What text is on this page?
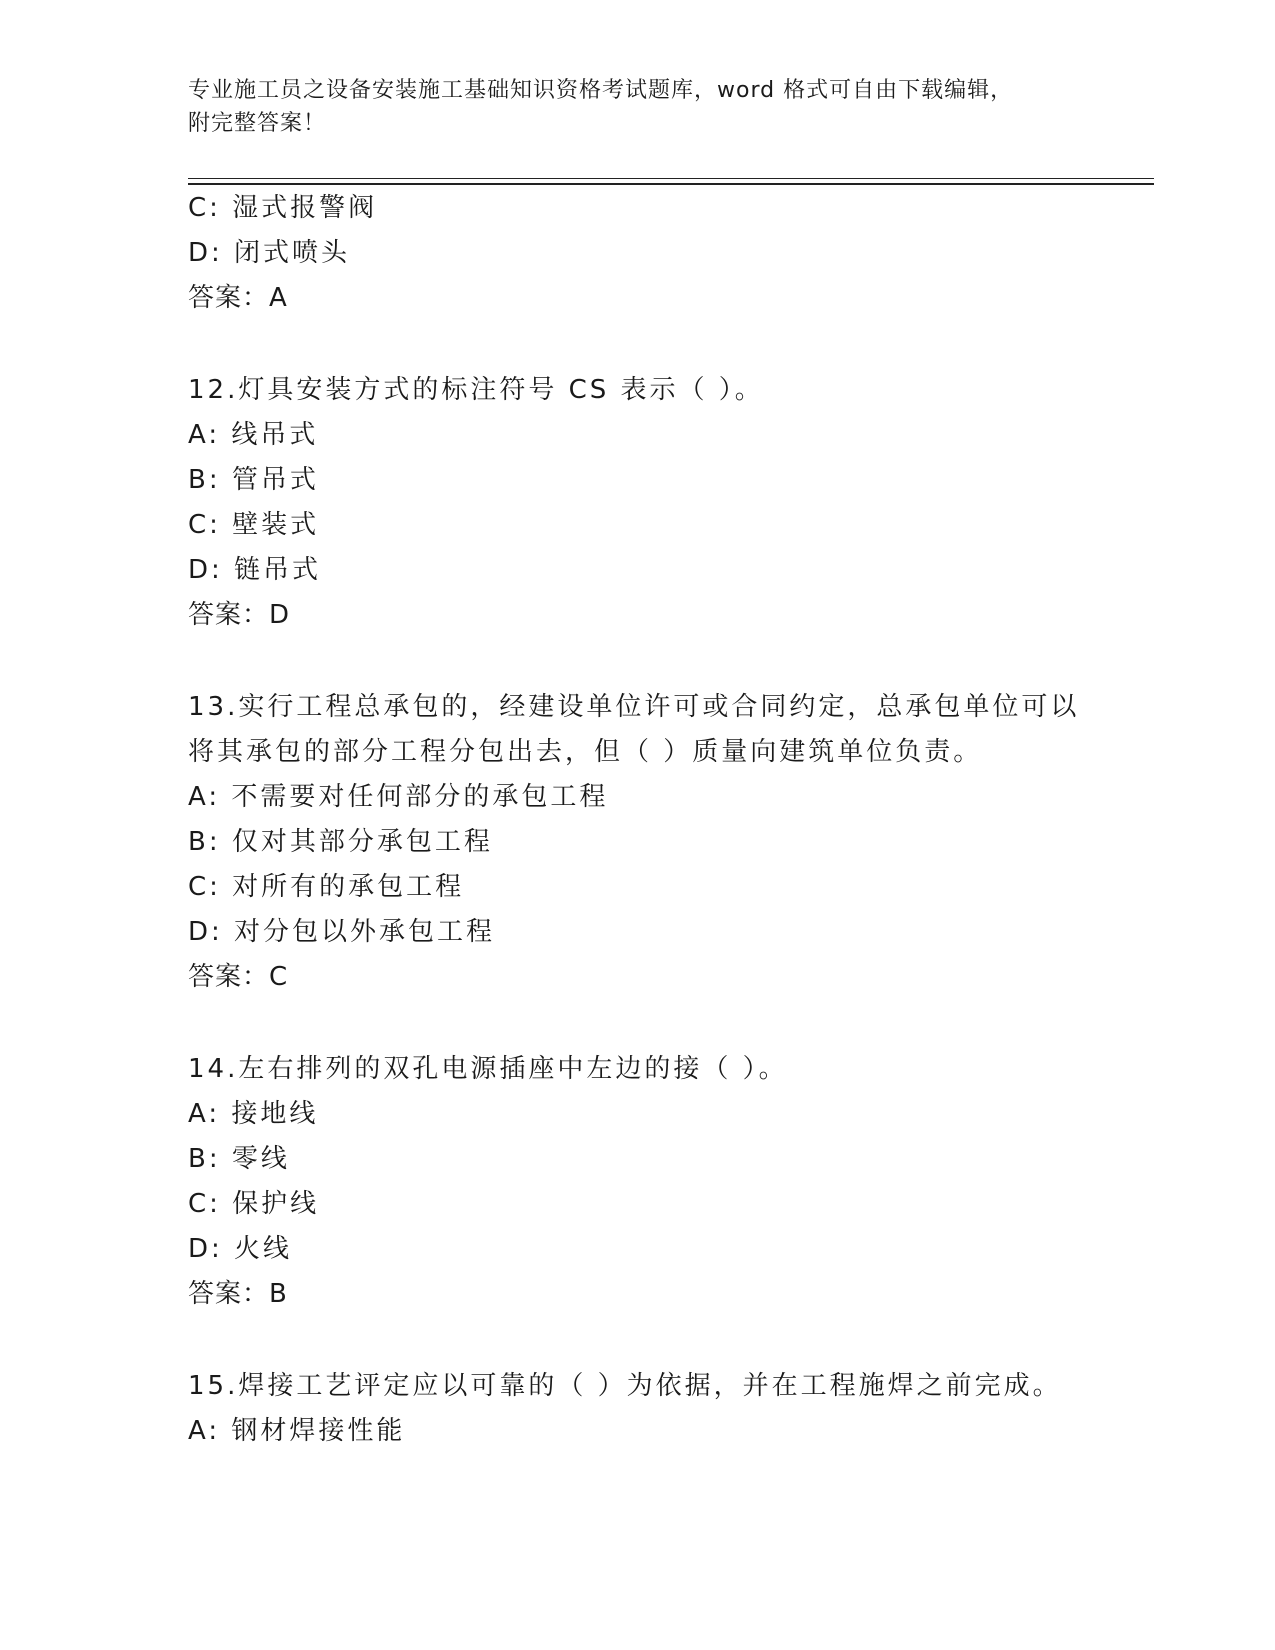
专业施工员之设备安装施工基础知识资格考试题库，word 格式可自由下载编辑，
附完整答案！
C: 湿式报警阀
D: 闭式喷头
答案：A
12.灯具安装方式的标注符号 CS 表示（ ）。
A: 线吊式
B: 管吊式
C: 壁装式
D: 链吊式
答案：D
13.实行工程总承包的，经建设单位许可或合同约定，总承包单位可以
将其承包的部分工程分包出去，但（ ）质量向建筑单位负责。
A: 不需要对任何部分的承包工程
B: 仅对其部分承包工程
C: 对所有的承包工程
D: 对分包以外承包工程
答案：C
14.左右排列的双孔电源插座中左边的接（ ）。
A: 接地线
B: 零线
C: 保护线
D: 火线
答案：B
15.焊接工艺评定应以可靠的（ ）为依据，并在工程施焊之前完成。
A: 钢材焊接性能
